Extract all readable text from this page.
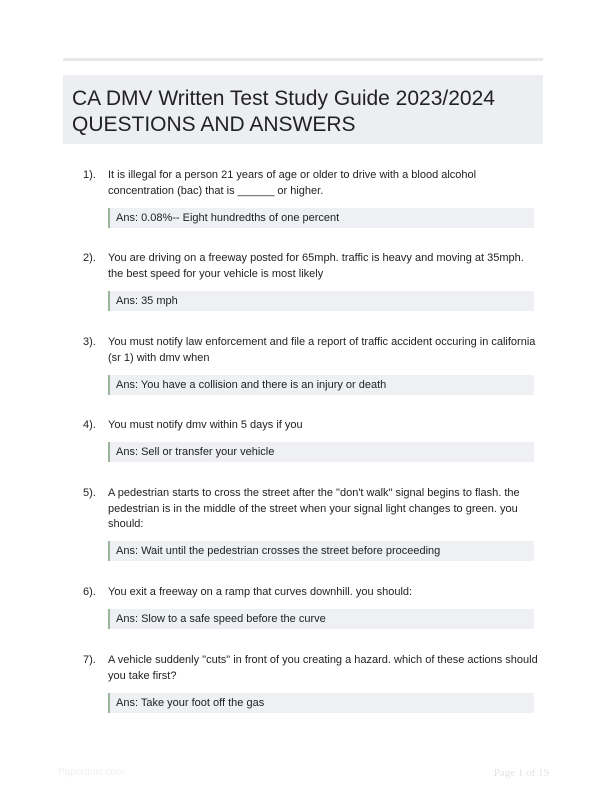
CA DMV Written Test Study Guide 2023/2024
QUESTIONS AND ANSWERS
1). It is illegal for a person 21 years of age or older to drive with a blood alcohol concentration (bac) that is ______ or higher.
Ans: 0.08%-- Eight hundredths of one percent
2). You are driving on a freeway posted for 65mph. traffic is heavy and moving at 35mph. the best speed for your vehicle is most likely
Ans: 35 mph
3). You must notify law enforcement and file a report of traffic accident occuring in california (sr 1) with dmv when
Ans: You have a collision and there is an injury or death
4). You must notify dmv within 5 days if you
Ans: Sell or transfer your vehicle
5). A pedestrian starts to cross the street after the "don't walk" signal begins to flash. the pedestrian is in the middle of the street when your signal light changes to green. you should:
Ans: Wait until the pedestrian crosses the street before proceeding
6). You exit a freeway on a ramp that curves downhill. you should:
Ans: Slow to a safe speed before the curve
7). A vehicle suddenly "cuts" in front of you creating a hazard. which of these actions should you take first?
Ans: Take your foot off the gas
Papertlnic.com	Page 1 of 19
